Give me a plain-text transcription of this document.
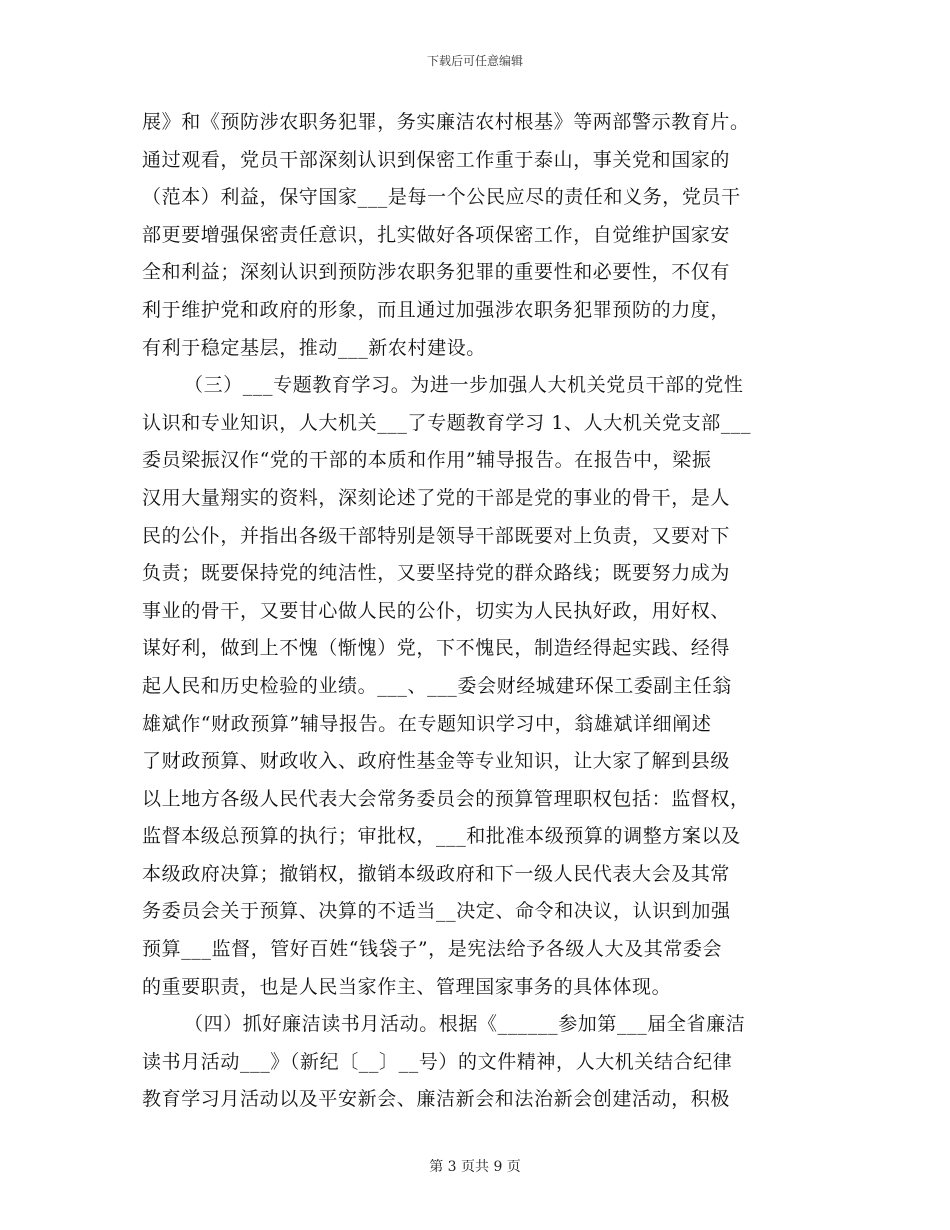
下载后可任意编辑
展》和《预防涉农职务犯罪，务实廉洁农村根基》等两部警示教育片。
通过观看，党员干部深刻认识到保密工作重于泰山，事关党和国家的
（范本）利益，保守国家___是每一个公民应尽的责任和义务，党员干
部更要增强保密责任意识，扎实做好各项保密工作，自觉维护国家安
全和利益；深刻认识到预防涉农职务犯罪的重要性和必要性，不仅有
利于维护党和政府的形象，而且通过加强涉农职务犯罪预防的力度，
有利于稳定基层，推动___新农村建设。
（三）___专题教育学习。为进一步加强人大机关党员干部的党性
认识和专业知识，人大机关___了专题教育学习 1、人大机关党支部___
委员梁振汉作“党的干部的本质和作用”辅导报告。在报告中，梁振
汉用大量翔实的资料，深刻论述了党的干部是党的事业的骨干，是人
民的公仆，并指出各级干部特别是领导干部既要对上负责，又要对下
负责；既要保持党的纯洁性，又要坚持党的群众路线；既要努力成为
事业的骨干，又要甘心做人民的公仆，切实为人民执好政，用好权、
谋好利，做到上不愧（惭愧）党，下不愧民，制造经得起实践、经得
起人民和历史检验的业绩。___、___委会财经城建环保工委副主任翁
雄斌作“财政预算”辅导报告。在专题知识学习中，翁雄斌详细阐述
了财政预算、财政收入、政府性基金等专业知识，让大家了解到县级
以上地方各级人民代表大会常务委员会的预算管理职权包括：监督权，
监督本级总预算的执行；审批权，___和批准本级预算的调整方案以及
本级政府决算；撤销权，撤销本级政府和下一级人民代表大会及其常
务委员会关于预算、决算的不适当__决定、命令和决议，认识到加强
预算___监督，管好百姓“钱袋子”，是宪法给予各级人大及其常委会
的重要职责，也是人民当家作主、管理国家事务的具体体现。
（四）抓好廉洁读书月活动。根据《______参加第___届全省廉洁
读书月活动___》（新纪〔__〕__号）的文件精神，人大机关结合纪律
教育学习月活动以及平安新会、廉洁新会和法治新会创建活动，积极
第 3 页共 9 页
